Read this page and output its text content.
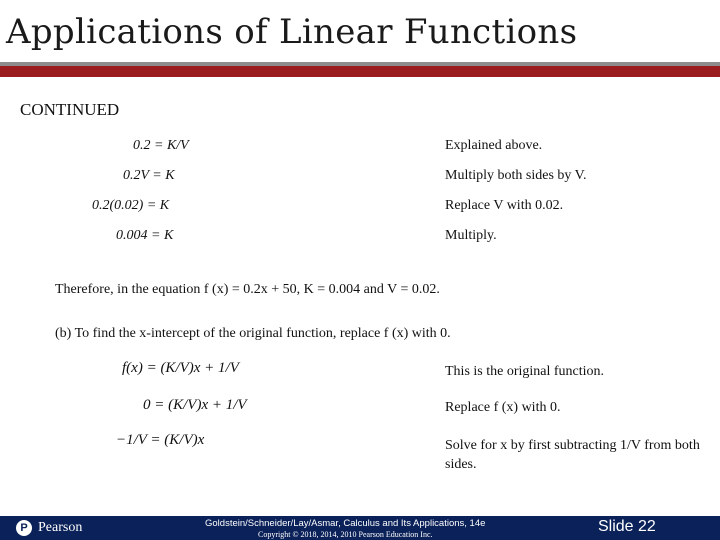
Applications of Linear Functions
CONTINUED
0.2 = K/V	Explained above.
0.2V = K	Multiply both sides by V.
0.2(0.02) = K	Replace V with 0.02.
0.004 = K	Multiply.
Therefore, in the equation f (x) = 0.2x + 50, K = 0.004 and V = 0.02.
(b) To find the x-intercept of the original function, replace f (x) with 0.
f(x) = (K/V)x + 1/V	This is the original function.
0 = (K/V)x + 1/V	Replace f (x) with 0.
−1/V = (K/V)x	Solve for x by first subtracting 1/V from both sides.
P Pearson	Goldstein/Schneider/Lay/Asmar, Calculus and Its Applications, 14e
Copyright © 2018, 2014, 2010 Pearson Education Inc.	Slide 22
